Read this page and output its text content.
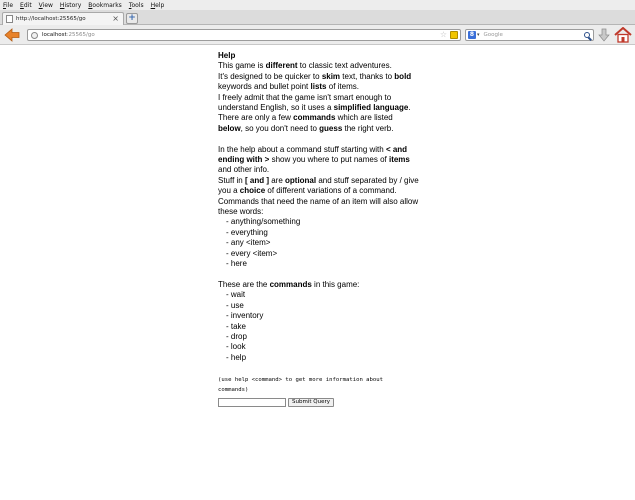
File Edit View History Bookmarks Tools Help
http://localhost:25565/go	× +
localhost :25565/go	☆	8 ▾ Google

Help

This game is different to classic text adventures.

It's designed to be quicker to skim text, thanks to bold

keywords and bullet point lists of items.

I freely admit that the game isn't smart enough to

understand English, so it uses a simplified language.

There are only a few commands which are listed

below, so you don't need to guess the right verb.

In the help about a command stuff starting with < and

ending with > show you where to put names of items

and other info.

Stuff in [ and ] are optional and stuff separated by / give

you a choice of different variations of a command.

Commands that need the name of an item will also allow

these words:

- anything/something
- everything
- any <item>
- every <item>
- here

These are the commands in this game:

- wait
- use
- inventory
- take
- drop
- look
- help
(use help <command> to get more information about
commands)
Submit Query
